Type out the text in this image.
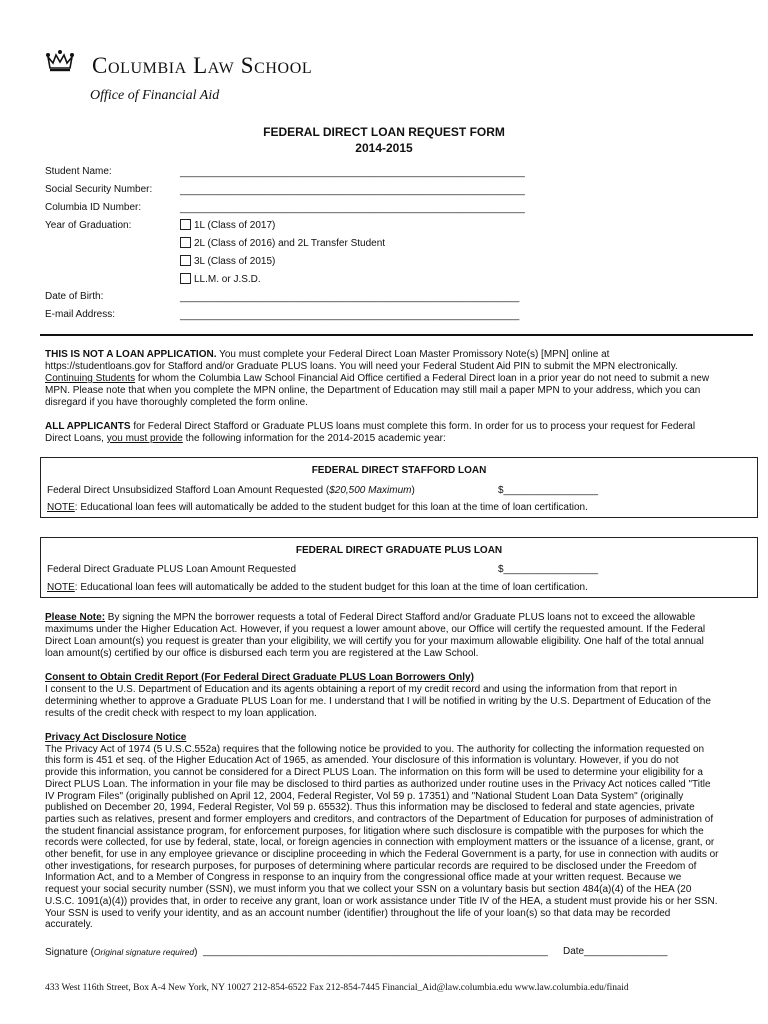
Columbia Law School
Office of Financial Aid
FEDERAL DIRECT LOAN REQUEST FORM
2014-2015
Student Name:	______________________________________________________________
Social Security Number:	______________________________________________________________
Columbia ID Number:	______________________________________________________________
Year of Graduation:	1L (Class of 2017)
2L (Class of 2016) and 2L Transfer Student
3L (Class of 2015)
LL.M. or J.S.D.
Date of Birth:	_____________________________________________________________
E-mail Address:	_____________________________________________________________
THIS IS NOT A LOAN APPLICATION. You must complete your Federal Direct Loan Master Promissory Note(s) [MPN] online at
https://studentloans.gov for Stafford and/or Graduate PLUS loans. You will need your Federal Student Aid PIN to submit the MPN electronically.
Continuing Students for whom the Columbia Law School Financial Aid Office certified a Federal Direct loan in a prior year do not need to submit a new
MPN. Please note that when you complete the MPN online, the Department of Education may still mail a paper MPN to your address, which you can
disregard if you have thoroughly completed the form online.
ALL APPLICANTS for Federal Direct Stafford or Graduate PLUS loans must complete this form. In order for us to process your request for Federal
Direct Loans, you must provide the following information for the 2014-2015 academic year:
FEDERAL DIRECT STAFFORD LOAN
Federal Direct Unsubsidized Stafford Loan Amount Requested ($20,500 Maximum)	$_________________
NOTE: Educational loan fees will automatically be added to the student budget for this loan at the time of loan certification.
FEDERAL DIRECT GRADUATE PLUS LOAN
Federal Direct Graduate PLUS Loan Amount Requested	$_________________
NOTE: Educational loan fees will automatically be added to the student budget for this loan at the time of loan certification.
Please Note: By signing the MPN the borrower requests a total of Federal Direct Stafford and/or Graduate PLUS loans not to exceed the allowable
maximums under the Higher Education Act. However, if you request a lower amount above, our Office will certify the requested amount. If the Federal
Direct Loan amount(s) you request is greater than your eligibility, we will certify you for your maximum allowable eligibility. One half of the total annual
loan amount(s) certified by our office is disbursed each term you are registered at the Law School.
Consent to Obtain Credit Report (For Federal Direct Graduate PLUS Loan Borrowers Only)
I consent to the U.S. Department of Education and its agents obtaining a report of my credit record and using the information from that report in
determining whether to approve a Graduate PLUS Loan for me. I understand that I will be notified in writing by the U.S. Department of Education of the
results of the credit check with respect to my loan application.
Privacy Act Disclosure Notice
The Privacy Act of 1974 (5 U.S.C.552a) requires that the following notice be provided to you. The authority for collecting the information requested on
this form is 451 et seq. of the Higher Education Act of 1965, as amended. Your disclosure of this information is voluntary. However, if you do not
provide this information, you cannot be considered for a Direct PLUS Loan. The information on this form will be used to determine your eligibility for a
Direct PLUS Loan. The information in your file may be disclosed to third parties as authorized under routine uses in the Privacy Act notices called "Title
IV Program Files" (originally published on April 12, 2004, Federal Register, Vol 59 p. 17351) and "National Student Loan Data System" (originally
published on December 20, 1994, Federal Register, Vol 59 p. 65532). Thus this information may be disclosed to federal and state agencies, private
parties such as relatives, present and former employers and creditors, and contractors of the Department of Education for purposes of administration of
the student financial assistance program, for enforcement purposes, for litigation where such disclosure is compatible with the purposes for which the
records were collected, for use by federal, state, local, or foreign agencies in connection with employment matters or the issuance of a license, grant, or
other benefit, for use in any employee grievance or discipline proceeding in which the Federal Government is a party, for use in connection with audits or
other investigations, for research purposes, for purposes of determining where particular records are required to be disclosed under the Freedom of
Information Act, and to a Member of Congress in response to an inquiry from the congressional office made at your written request. Because we
request your social security number (SSN), we must inform you that we collect your SSN on a voluntary basis but section 484(a)(4) of the HEA (20
U.S.C. 1091(a)(4)) provides that, in order to receive any grant, loan or work assistance under Title IV of the HEA, a student must provide his or her SSN.
Your SSN is used to verify your identity, and as an account number (identifier) throughout the life of your loan(s) so that data may be recorded
accurately.
Signature (Original signature required) ______________________________________________________________ Date _______________
433 West 116th Street, Box A-4 New York, NY 10027 212-854-6522 Fax 212-854-7445 Financial_Aid@law.columbia.edu www.law.columbia.edu/finaid
